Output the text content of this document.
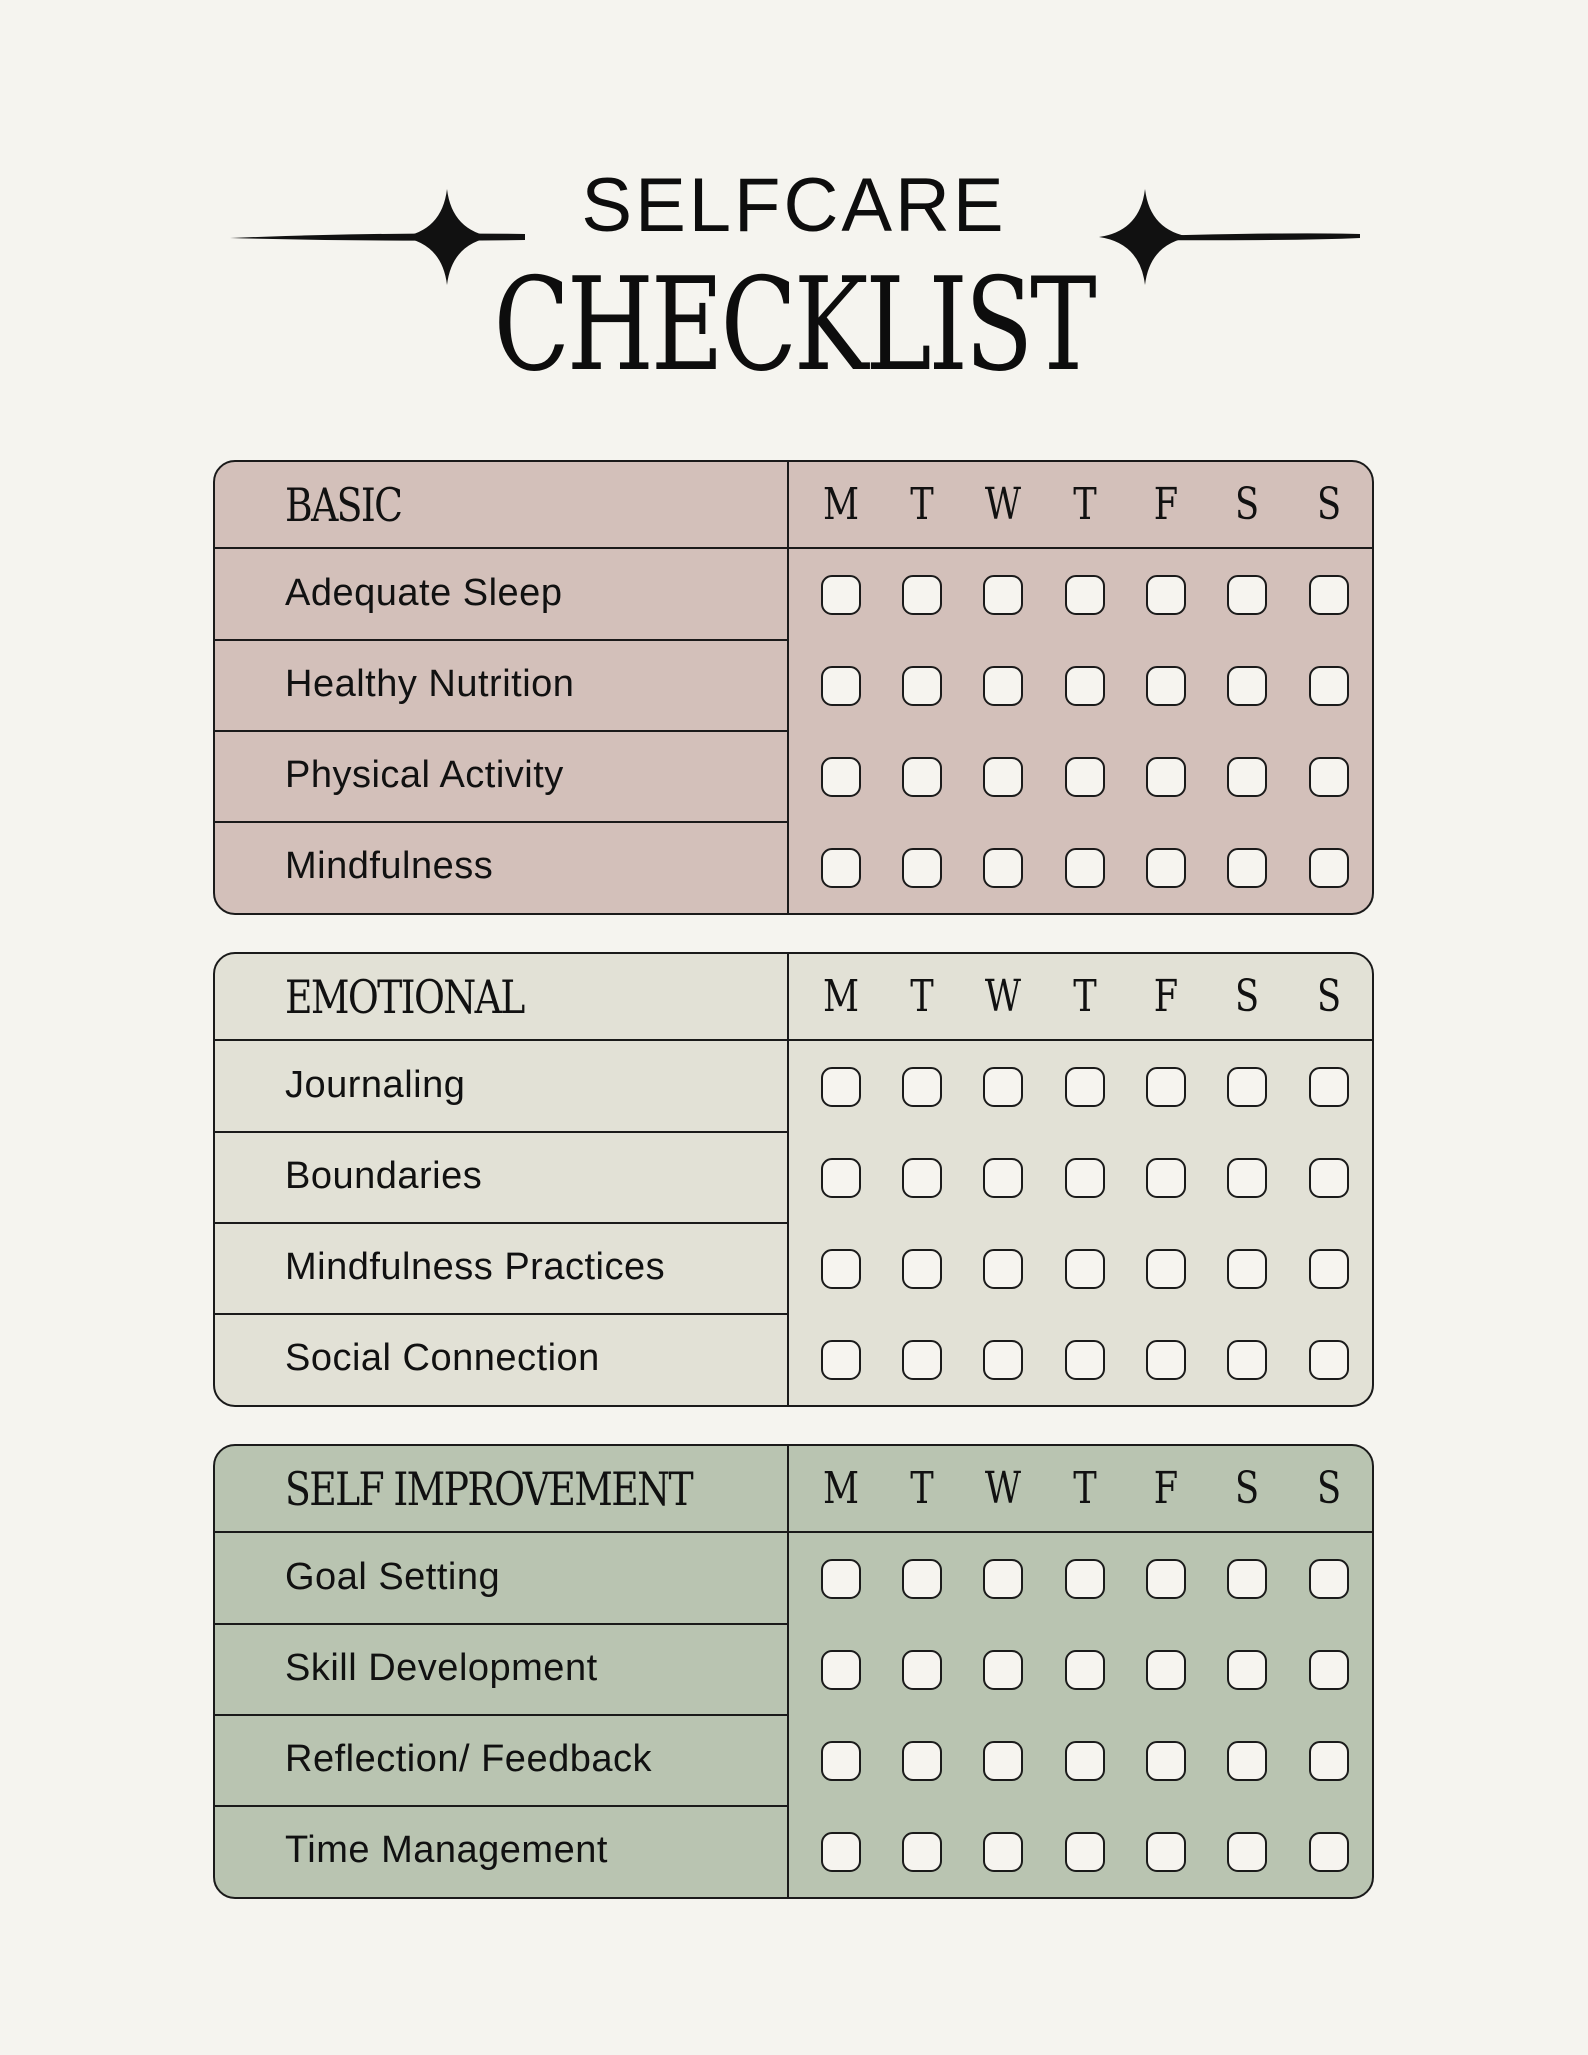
SELFCARE
CHECKLIST
BASIC	M T W T F S S
Adequate Sleep
Healthy Nutrition
Physical Activity
Mindfulness
EMOTIONAL	M T W T F S S
Journaling
Boundaries
Mindfulness Practices
Social Connection
SELF IMPROVEMENT	M T W T F S S
Goal Setting
Skill Development
Reflection/ Feedback
Time Management
